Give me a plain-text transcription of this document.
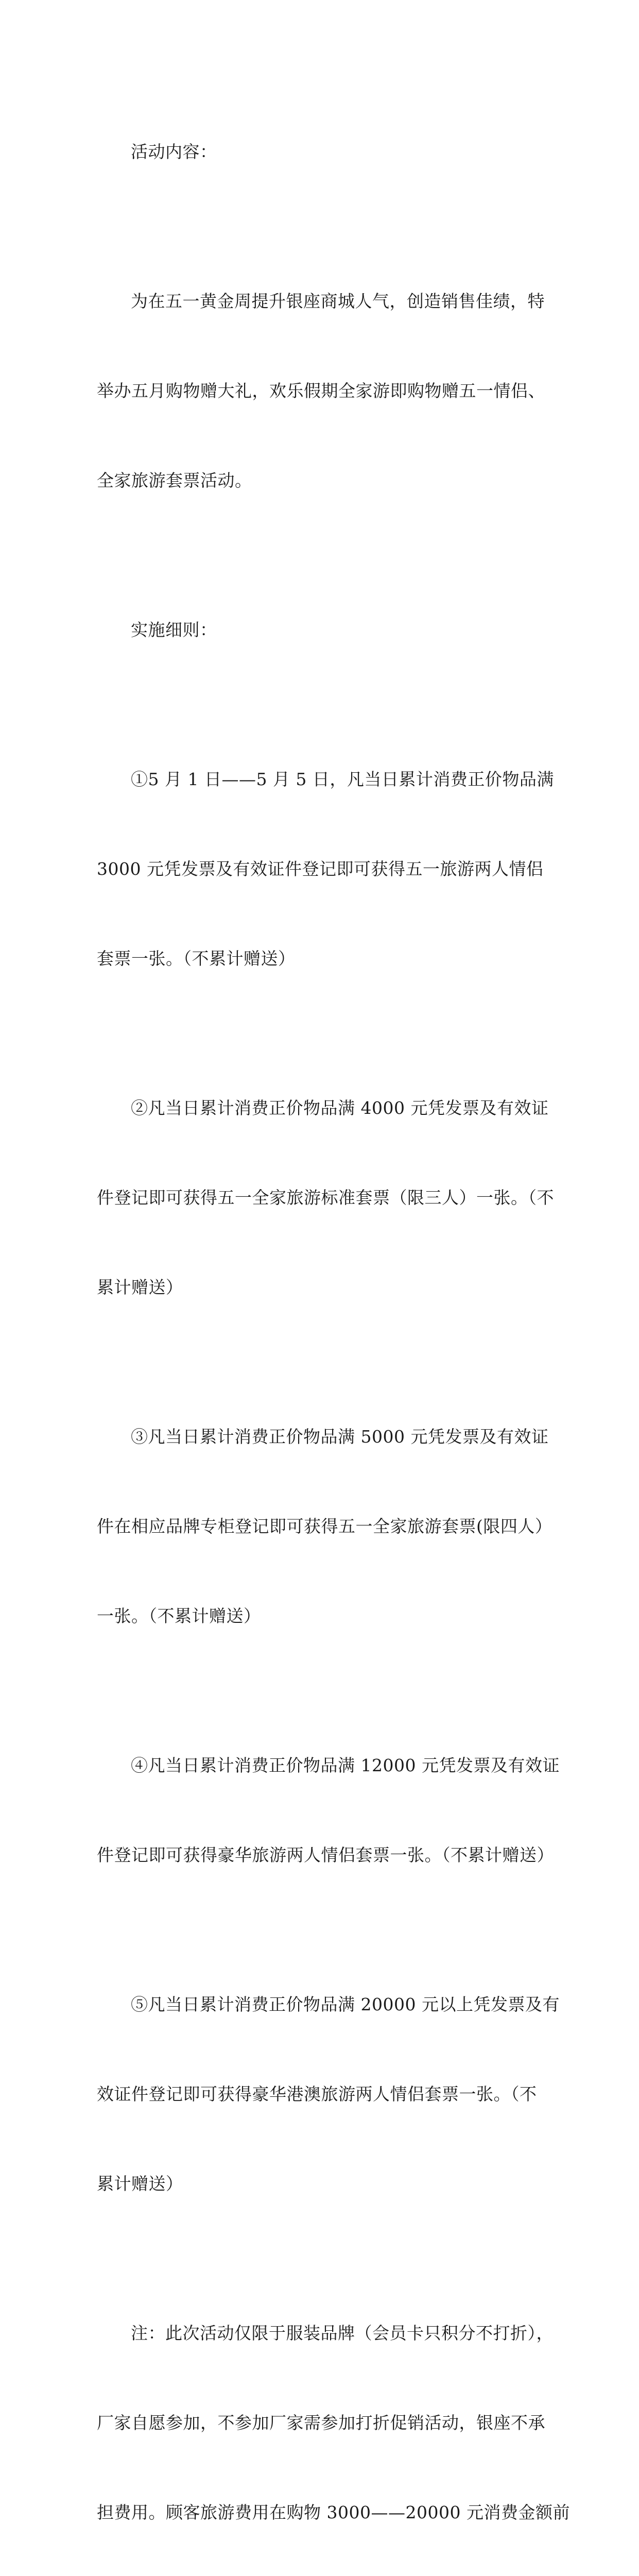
活动内容：

为在五一黄金周提升银座商城人气，创造销售佳绩，特

举办五月购物赠大礼，欢乐假期全家游即购物赠五一情侣、

全家旅游套票活动。

实施细则：

①5 月 1 日——5 月 5 日，凡当日累计消费正价物品满

3000 元凭发票及有效证件登记即可获得五一旅游两人情侣

套票一张。（不累计赠送）

②凡当日累计消费正价物品满 4000 元凭发票及有效证

件登记即可获得五一全家旅游标准套票（限三人）一张。（不

累计赠送）

③凡当日累计消费正价物品满 5000 元凭发票及有效证

件在相应品牌专柜登记即可获得五一全家旅游套票(限四人）

一张。（不累计赠送）

④凡当日累计消费正价物品满 12000 元凭发票及有效证

件登记即可获得豪华旅游两人情侣套票一张。（不累计赠送）

⑤凡当日累计消费正价物品满 20000 元以上凭发票及有

效证件登记即可获得豪华港澳旅游两人情侣套票一张。（不

累计赠送）

注：此次活动仅限于服装品牌（会员卡只积分不打折），

厂家自愿参加，不参加厂家需参加打折促销活动，银座不承

担费用。顾客旅游费用在购物 3000——20000 元消费金额前
